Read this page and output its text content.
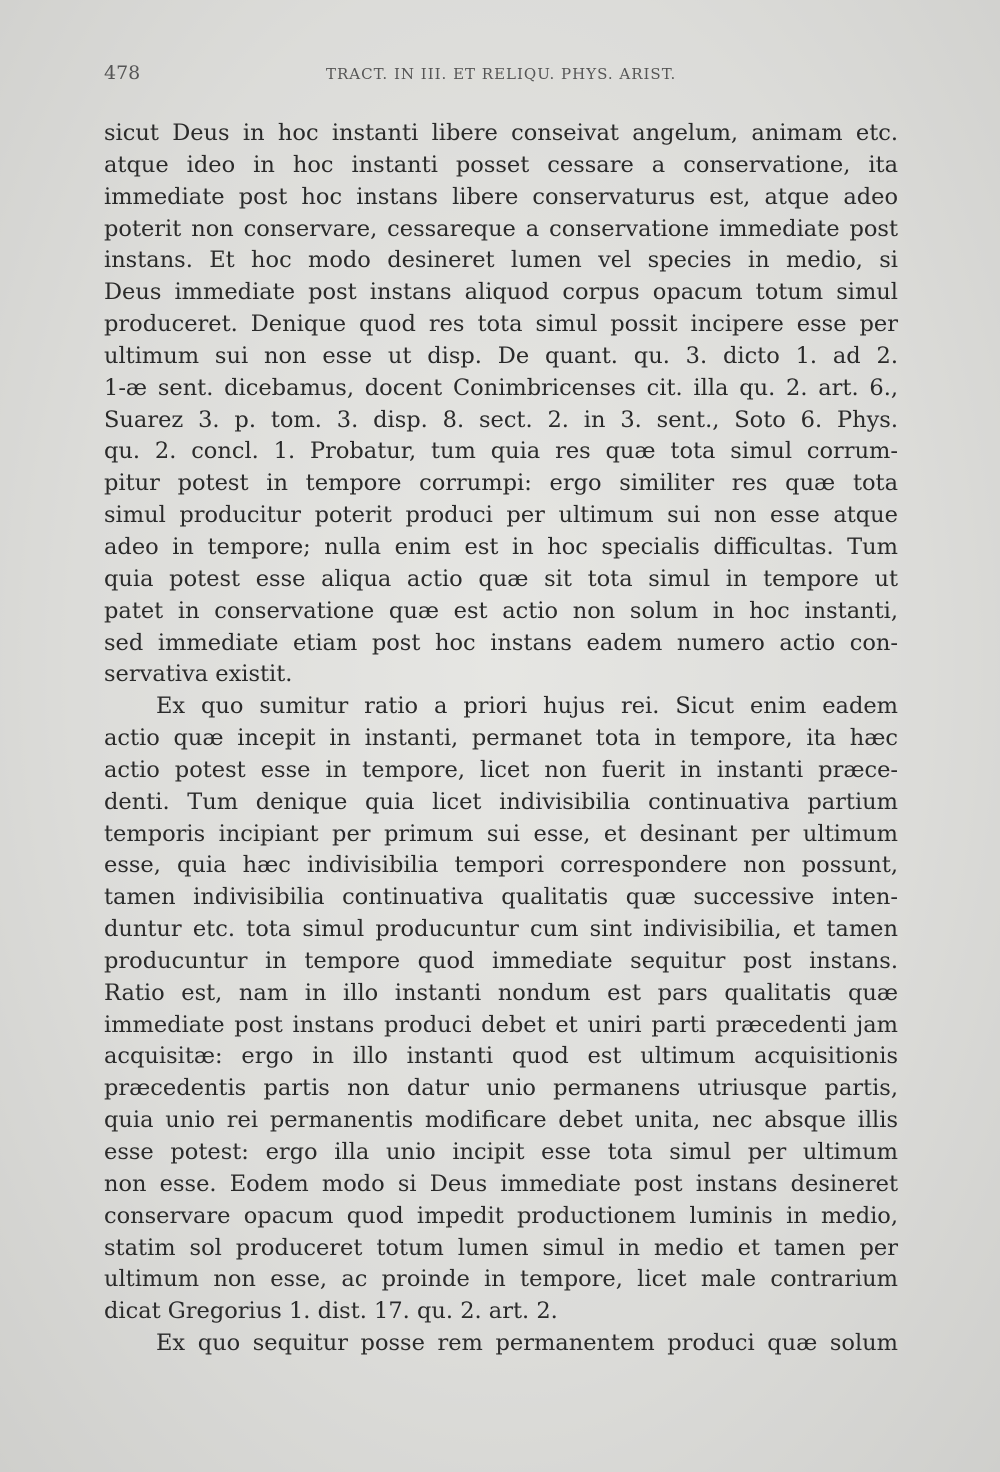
478	TRACT. IN III. ET RELIQU. PHYS. ARIST.
sicut Deus in hoc instanti libere conseivat angelum, animam etc.
atque ideo in hoc instanti posset cessare a conservatione, ita
immediate post hoc instans libere conservaturus est, atque adeo
poterit non conservare, cessareque a conservatione immediate post
instans. Et hoc modo desineret lumen vel species in medio, si
Deus immediate post instans aliquod corpus opacum totum simul
produceret. Denique quod res tota simul possit incipere esse per
ultimum sui non esse ut disp. De quant. qu. 3. dicto 1. ad 2.
1-æ sent. dicebamus, docent Conimbricenses cit. illa qu. 2. art. 6.,
Suarez 3. p. tom. 3. disp. 8. sect. 2. in 3. sent., Soto 6. Phys.
qu. 2. concl. 1. Probatur, tum quia res quæ tota simul corrum-
pitur potest in tempore corrumpi: ergo similiter res quæ tota
simul producitur poterit produci per ultimum sui non esse atque
adeo in tempore; nulla enim est in hoc specialis difficultas. Tum
quia potest esse aliqua actio quæ sit tota simul in tempore ut
patet in conservatione quæ est actio non solum in hoc instanti,
sed immediate etiam post hoc instans eadem numero actio con-
servativa existit.
Ex quo sumitur ratio a priori hujus rei. Sicut enim eadem
actio quæ incepit in instanti, permanet tota in tempore, ita hæc
actio potest esse in tempore, licet non fuerit in instanti præce-
denti. Tum denique quia licet indivisibilia continuativa partium
temporis incipiant per primum sui esse, et desinant per ultimum
esse, quia hæc indivisibilia tempori correspondere non possunt,
tamen indivisibilia continuativa qualitatis quæ successive inten-
duntur etc. tota simul producuntur cum sint indivisibilia, et tamen
producuntur in tempore quod immediate sequitur post instans.
Ratio est, nam in illo instanti nondum est pars qualitatis quæ
immediate post instans produci debet et uniri parti præcedenti jam
acquisitæ: ergo in illo instanti quod est ultimum acquisitionis
præcedentis partis non datur unio permanens utriusque partis,
quia unio rei permanentis modificare debet unita, nec absque illis
esse potest: ergo illa unio incipit esse tota simul per ultimum
non esse. Eodem modo si Deus immediate post instans desineret
conservare opacum quod impedit productionem luminis in medio,
statim sol produceret totum lumen simul in medio et tamen per
ultimum non esse, ac proinde in tempore, licet male contrarium
dicat Gregorius 1. dist. 17. qu. 2. art. 2.
Ex quo sequitur posse rem permanentem produci quæ solum
